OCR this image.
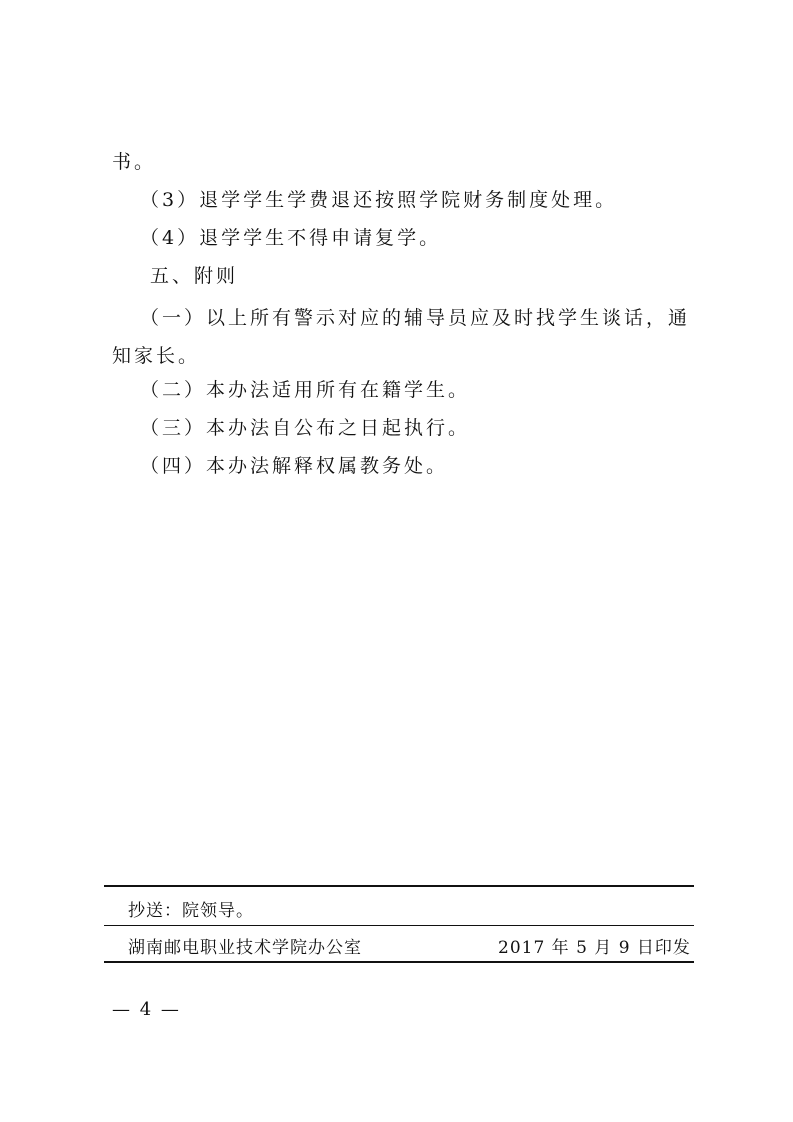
书。
（3）退学学生学费退还按照学院财务制度处理。
（4）退学学生不得申请复学。
五、附则
（一）以上所有警示对应的辅导员应及时找学生谈话，通知家长。
（二）本办法适用所有在籍学生。
（三）本办法自公布之日起执行。
（四）本办法解释权属教务处。
抄送：院领导。
湖南邮电职业技术学院办公室	2017 年 5 月 9 日印发
— 4 —
